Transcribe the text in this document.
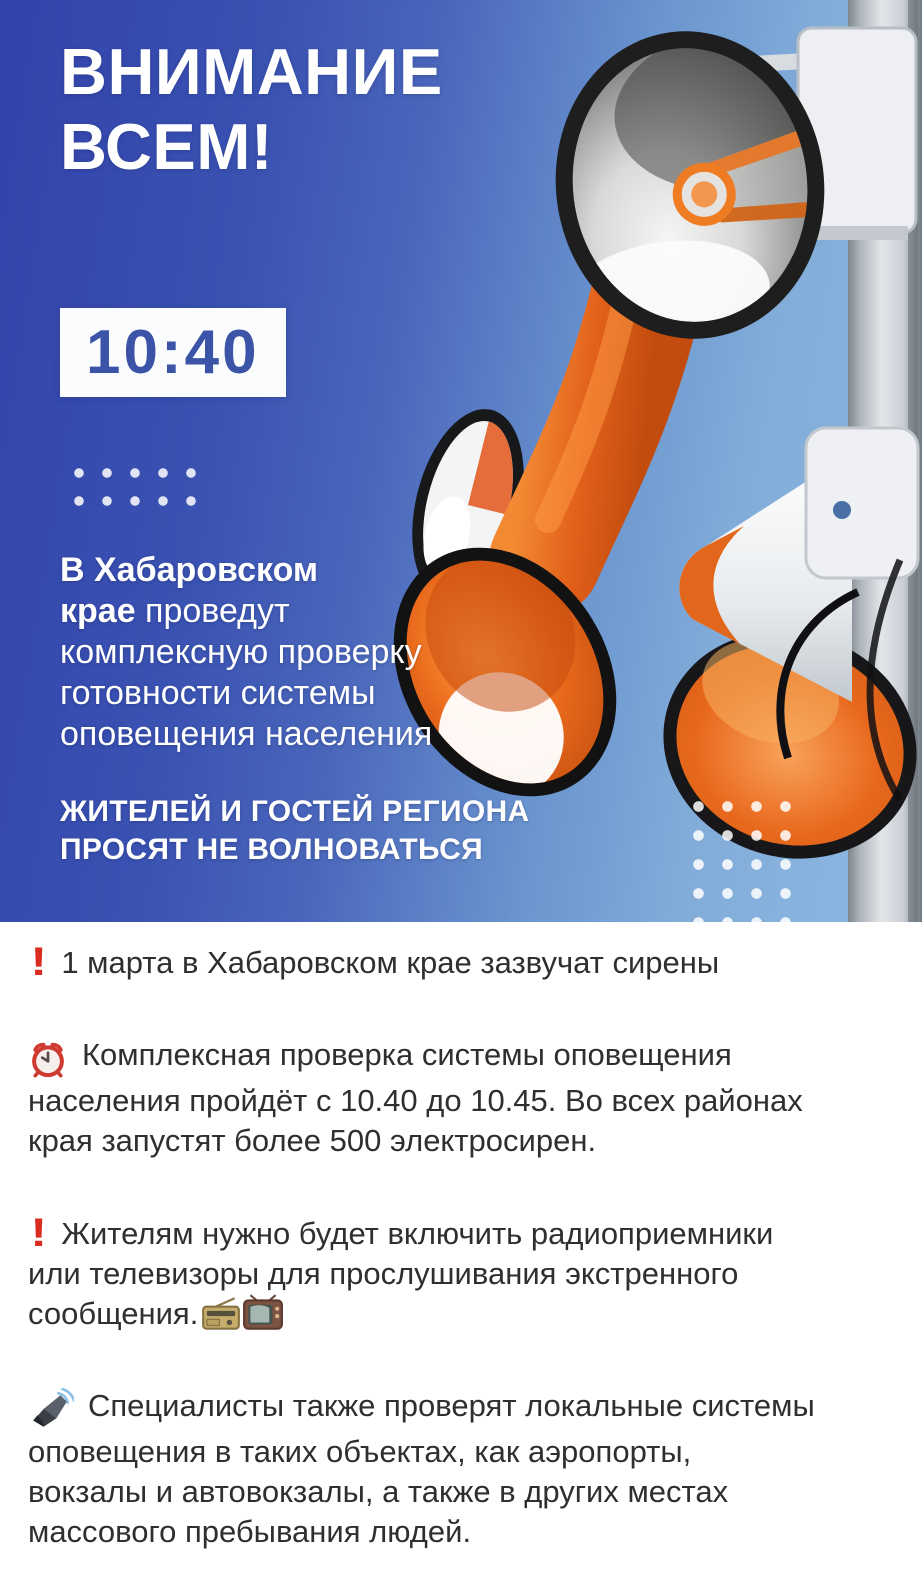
ВНИМАНИЕ
ВСЕМ!
10:40
В Хабаровском
крае проведут
комплексную проверку
готовности системы
оповещения населения
ЖИТЕЛЕЙ И ГОСТЕЙ РЕГИОНА
ПРОСЯТ НЕ ВОЛНОВАТЬСЯ
! 1 марта в Хабаровском крае зазвучат сирены
Комплексная проверка системы оповещения
населения пройдёт с 10.40 до 10.45. Во всех районах
края запустят более 500 электросирен.
! Жителям нужно будет включить радиоприемники
или телевизоры для прослушивания экстренного
сообщения.
Специалисты также проверят локальные системы
оповещения в таких объектах, как аэропорты,
вокзалы и автовокзалы, а также в других местах
массового пребывания людей.
